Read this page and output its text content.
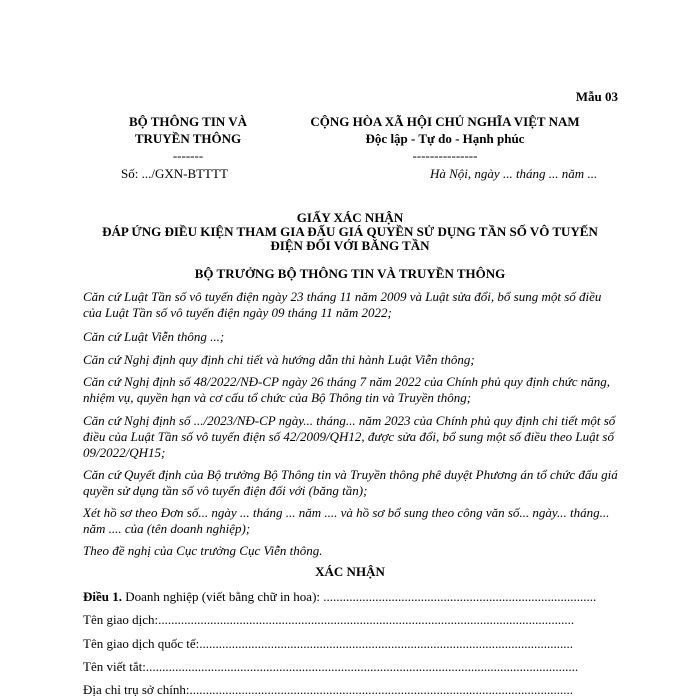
Mẫu 03
BỘ THÔNG TIN VÀ
TRUYỀN THÔNG
-------
CỘNG HÒA XÃ HỘI CHỦ NGHĨA VIỆT NAM
Độc lập - Tự do - Hạnh phúc
---------------
Số: .../GXN-BTTTT	Hà Nội, ngày ... tháng ... năm ...
GIẤY XÁC NHẬN
ĐÁP ỨNG ĐIỀU KIỆN THAM GIA ĐẤU GIÁ QUYỀN SỬ DỤNG TẦN SỐ VÔ TUYẾN
ĐIỆN ĐỐI VỚI BĂNG TẦN
BỘ TRƯỞNG BỘ THÔNG TIN VÀ TRUYỀN THÔNG
Căn cứ Luật Tần số vô tuyến điện ngày 23 tháng 11 năm 2009 và Luật sửa đổi, bổ sung một số điều của Luật Tần số vô tuyến điện ngày 09 tháng 11 năm 2022;
Căn cứ Luật Viễn thông ...;
Căn cứ Nghị định quy định chi tiết và hướng dẫn thi hành Luật Viễn thông;
Căn cứ Nghị định số 48/2022/NĐ-CP ngày 26 tháng 7 năm 2022 của Chính phủ quy định chức năng, nhiệm vụ, quyền hạn và cơ cấu tổ chức của Bộ Thông tin và Truyền thông;
Căn cứ Nghị định số .../2023/NĐ-CP ngày... tháng... năm 2023 của Chính phủ quy định chi tiết một số điều của Luật Tần số vô tuyến điện số 42/2009/QH12, được sửa đổi, bổ sung một số điều theo Luật số 09/2022/QH15;
Căn cứ Quyết định của Bộ trưởng Bộ Thông tin và Truyền thông phê duyệt Phương án tổ chức đấu giá quyền sử dụng tần số vô tuyến điện đối với (băng tần);
Xét hồ sơ theo Đơn số... ngày ... tháng ... năm .... và hồ sơ bổ sung theo công văn số... ngày... tháng... năm .... của (tên doanh nghiệp);
Theo đề nghị của Cục trưởng Cục Viễn thông.
XÁC NHẬN
Điều 1. Doanh nghiệp (viết bằng chữ in hoa): ....................................................................................
Tên giao dịch:................................................................................................................................
Tên giao dịch quốc tế:...................................................................................................................
Tên viết tắt:.....................................................................................................................................
Địa chỉ trụ sở chính:......................................................................................................................
